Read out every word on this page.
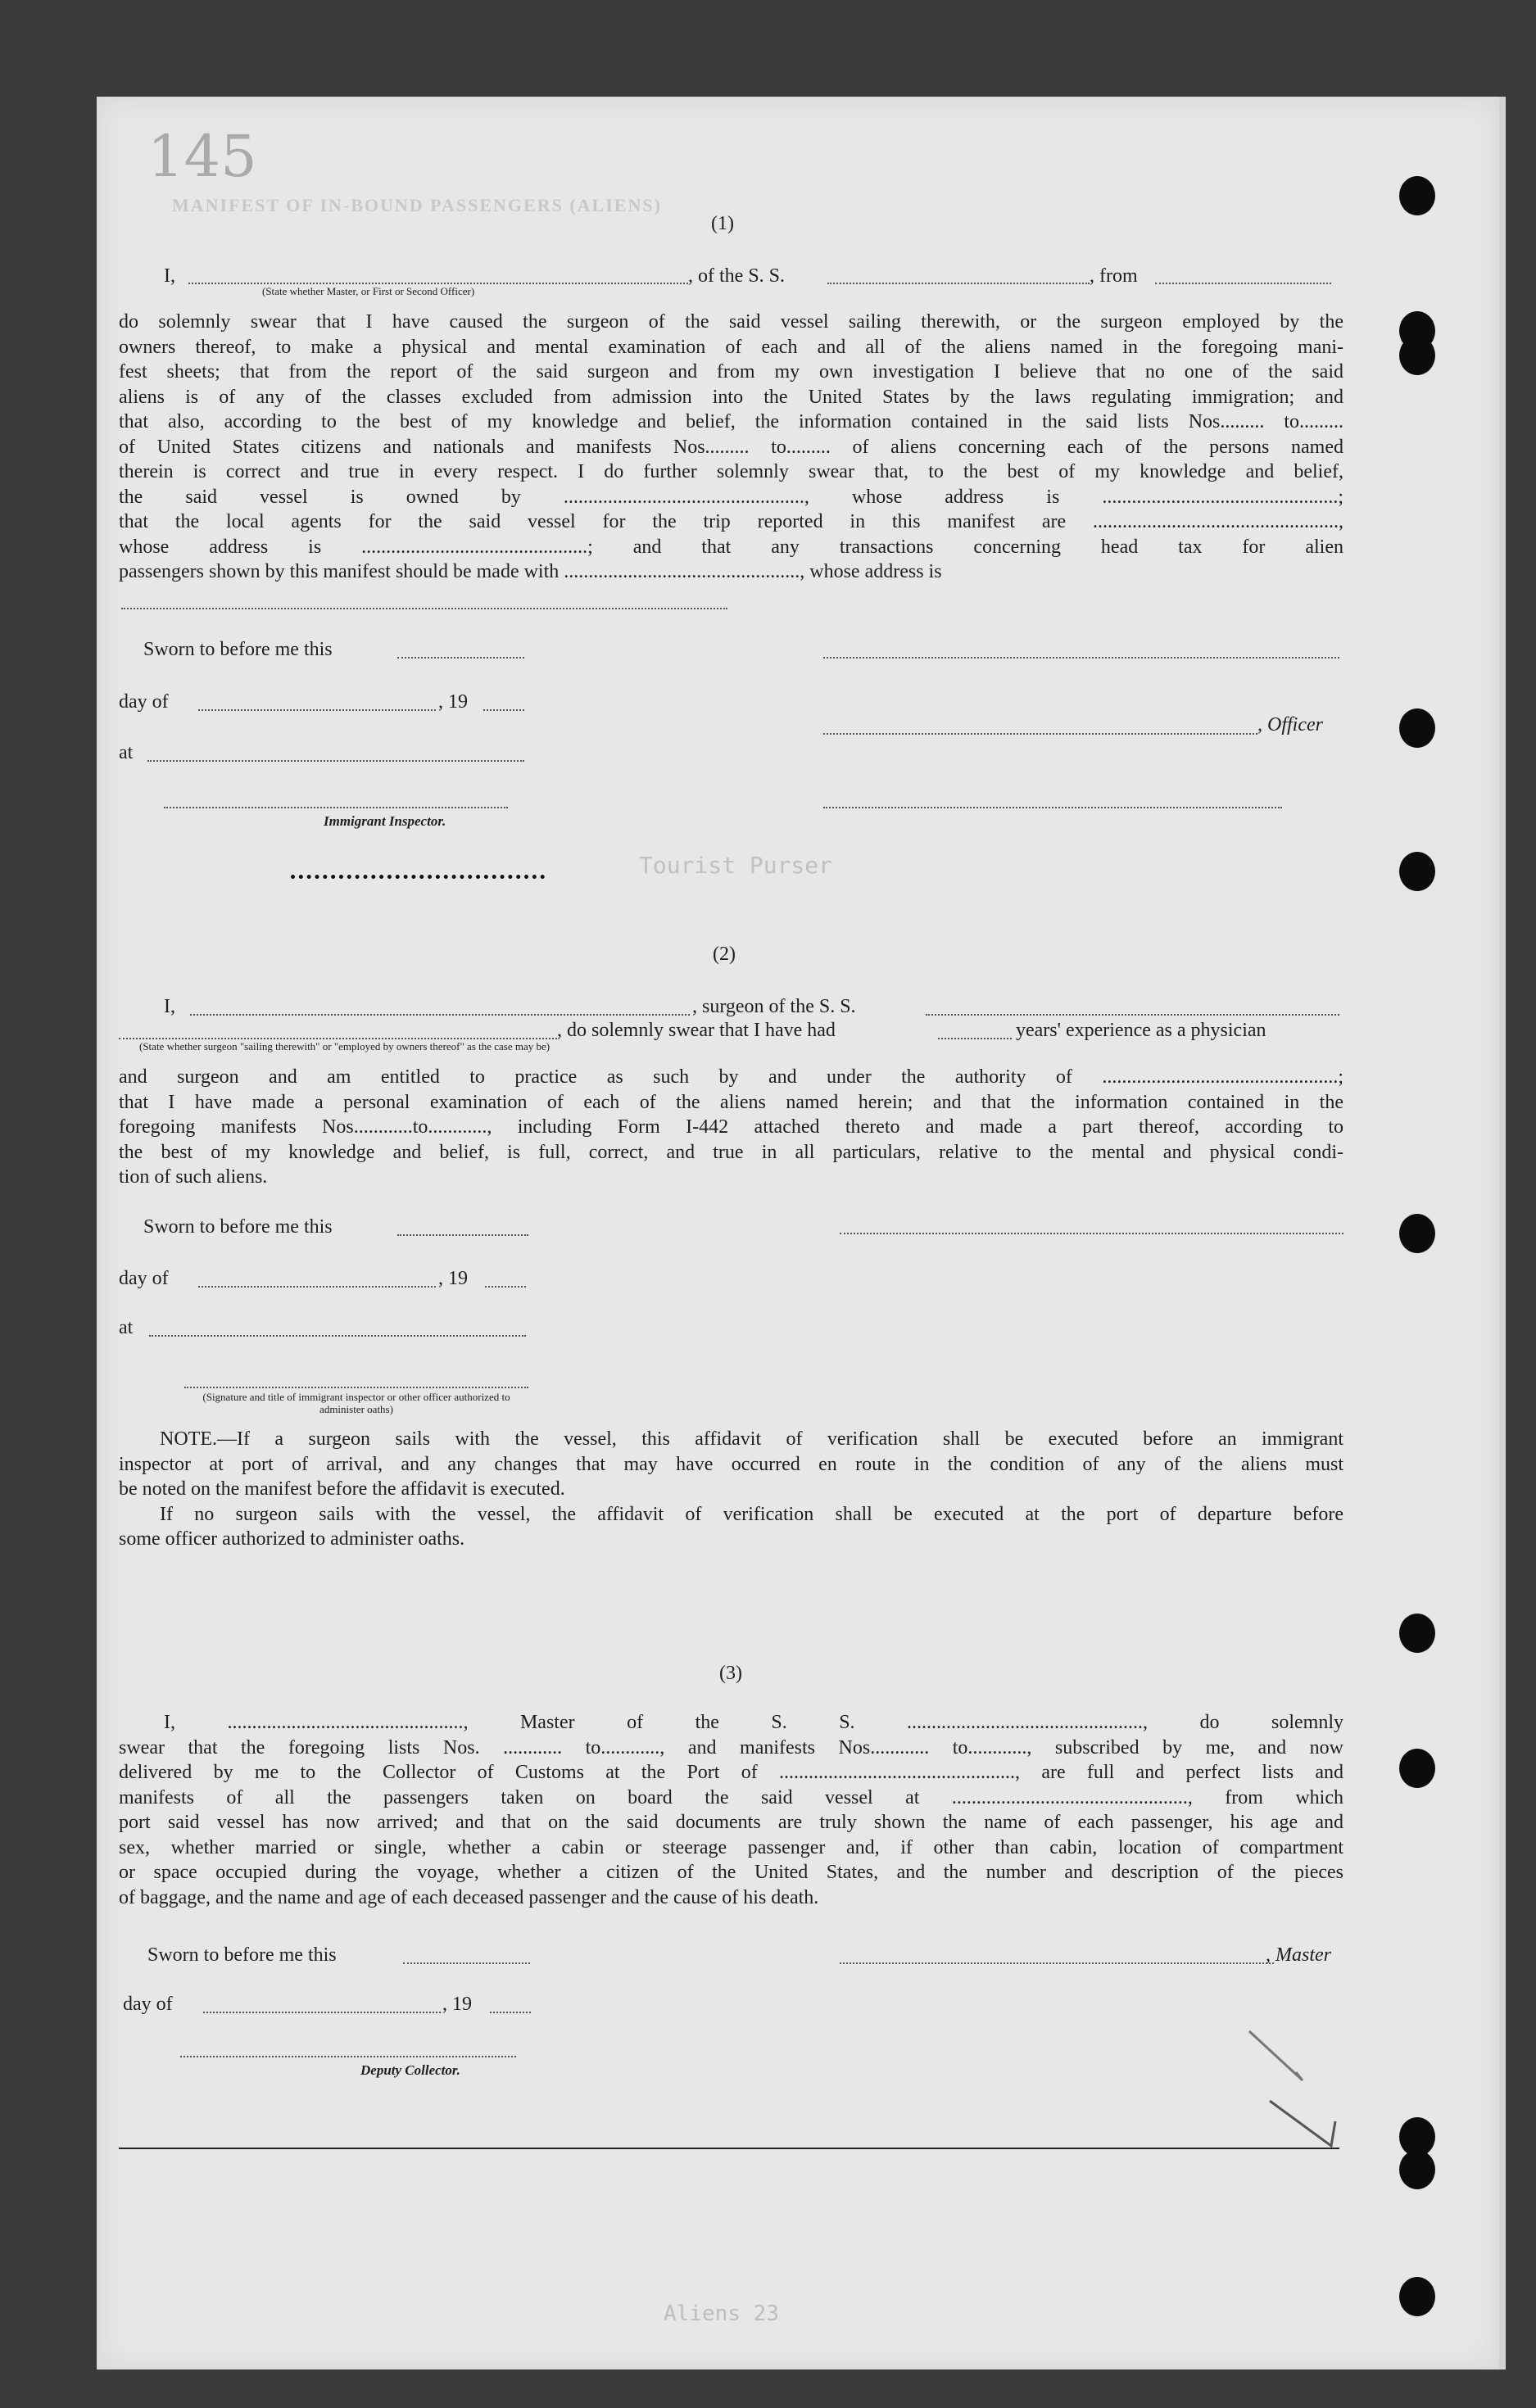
145
MANIFEST OF IN-BOUND PASSENGERS (ALIENS)
Tourist Purser
Aliens 23
(1)
I,	, of the S. S.	, from
(State whether Master, or First or Second Officer)
do solemnly swear that I have caused the surgeon of the said vessel sailing therewith, or the surgeon employed by the
owners thereof, to make a physical and mental examination of each and all of the aliens named in the foregoing mani-
fest sheets; that from the report of the said surgeon and from my own investigation I believe that no one of the said
aliens is of any of the classes excluded from admission into the United States by the laws regulating immigration; and
that also, according to the best of my knowledge and belief, the information contained in the said lists Nos......... to.........
of United States citizens and nationals and manifests Nos......... to......... of aliens concerning each of the persons named
therein is correct and true in every respect. I do further solemnly swear that, to the best of my knowledge and belief,
the said vessel is owned by ................................................., whose address is ................................................;
that the local agents for the said vessel for the trip reported in this manifest are ..................................................,
whose address is ..............................................; and that any transactions concerning head tax for alien
passengers shown by this manifest should be made with ................................................, whose address is
Sworn to before me this
day of	, 19
, Officer
at
Immigrant Inspector.
(2)
I,	, surgeon of the S. S.
, do solemnly swear that I have had	years' experience as a physician
(State whether surgeon "sailing therewith" or "employed by owners thereof" as the case may be)
and surgeon and am entitled to practice as such by and under the authority of ................................................;
that I have made a personal examination of each of the aliens named herein; and that the information contained in the
foregoing manifests Nos............to............, including Form I-442 attached thereto and made a part thereof, according to
the best of my knowledge and belief, is full, correct, and true in all particulars, relative to the mental and physical condi-
tion of such aliens.
Sworn to before me this
day of	, 19
at
(Signature and title of immigrant inspector or other officer authorized to administer oaths)
NOTE.—If a surgeon sails with the vessel, this affidavit of verification shall be executed before an immigrant
inspector at port of arrival, and any changes that may have occurred en route in the condition of any of the aliens must
be noted on the manifest before the affidavit is executed.
If no surgeon sails with the vessel, the affidavit of verification shall be executed at the port of departure before
some officer authorized to administer oaths.
(3)
I, ................................................, Master of the S. S. ................................................, do solemnly
swear that the foregoing lists Nos. ............ to............, and manifests Nos............ to............, subscribed by me, and now
delivered by me to the Collector of Customs at the Port of ................................................, are full and perfect lists and
manifests of all the passengers taken on board the said vessel at ................................................, from which
port said vessel has now arrived; and that on the said documents are truly shown the name of each passenger, his age and
sex, whether married or single, whether a cabin or steerage passenger and, if other than cabin, location of compartment
or space occupied during the voyage, whether a citizen of the United States, and the number and description of the pieces
of baggage, and the name and age of each deceased passenger and the cause of his death.
Sworn to before me this	, Master
day of	, 19
Deputy Collector.
